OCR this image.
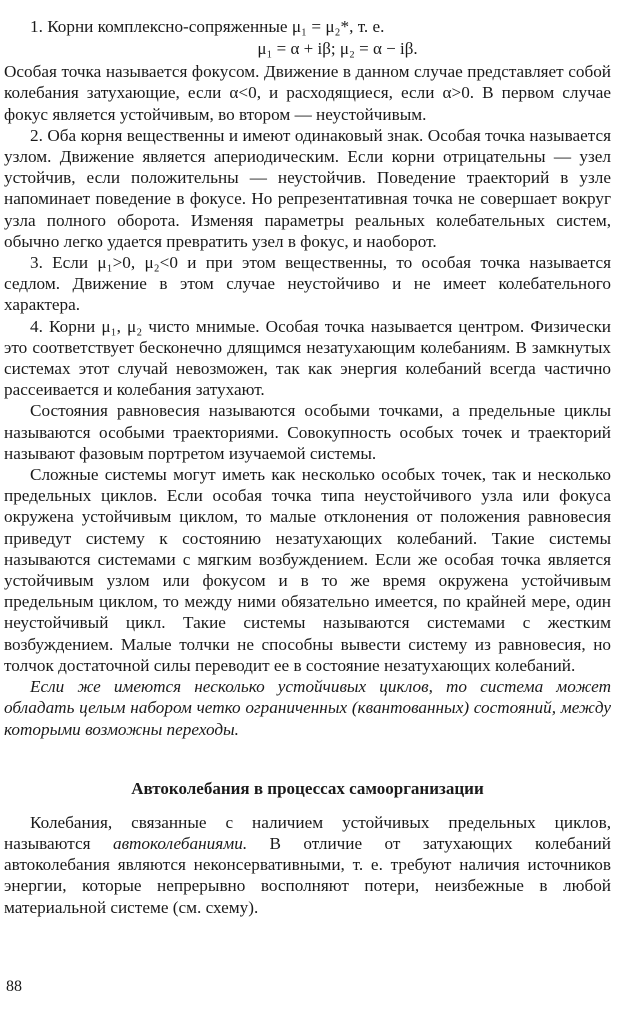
1. Корни комплексно-сопряженные μ₁ = μ₂*, т. е.

μ₁ = α + iβ; μ₂ = α − iβ.

Особая точка называется фокусом. Движение в данном случае представляет собой колебания затухающие, если α<0, и расходящиеся, если α>0. В первом случае фокус является устойчивым, во втором — неустойчивым.

2. Оба корня вещественны и имеют одинаковый знак. Особая точка называется узлом. Движение является апериодическим. Если корни отрицательны — узел устойчив, если положительны — неустойчив. Поведение траекторий в узле напоминает поведение в фокусе. Но репрезентативная точка не совершает вокруг узла полного оборота. Изменяя параметры реальных колебательных систем, обычно легко удается превратить узел в фокус, и наоборот.

3. Если μ₁>0, μ₂<0 и при этом вещественны, то особая точка называется седлом. Движение в этом случае неустойчиво и не имеет колебательного характера.

4. Корни μ₁, μ₂ чисто мнимые. Особая точка называется центром. Физически это соответствует бесконечно длящимся незатухающим колебаниям. В замкнутых системах этот случай невозможен, так как энергия колебаний всегда частично рассеивается и колебания затухают.

Состояния равновесия называются особыми точками, а предельные циклы называются особыми траекториями. Совокупность особых точек и траекторий называют фазовым портретом изучаемой системы.

Сложные системы могут иметь как несколько особых точек, так и несколько предельных циклов. Если особая точка типа неустойчивого узла или фокуса окружена устойчивым циклом, то малые отклонения от положения равновесия приведут систему к состоянию незатухающих колебаний. Такие системы называются системами с мягким возбуждением. Если же особая точка является устойчивым узлом или фокусом и в то же время окружена устойчивым предельным циклом, то между ними обязательно имеется, по крайней мере, один неустойчивый цикл. Такие системы называются системами с жестким возбуждением. Малые толчки не способны вывести систему из равновесия, но толчок достаточной силы переводит ее в состояние незатухающих колебаний.

Если же имеются несколько устойчивых циклов, то система может обладать целым набором четко ограниченных (квантованных) состояний, между которыми возможны переходы.

Автоколебания в процессах самоорганизации

Колебания, связанные с наличием устойчивых предельных циклов, называются автоколебаниями. В отличие от затухающих колебаний автоколебания являются неконсервативными, т. е. требуют наличия источников энергии, которые непрерывно восполняют потери, неизбежные в любой материальной системе (см. схему).

88
